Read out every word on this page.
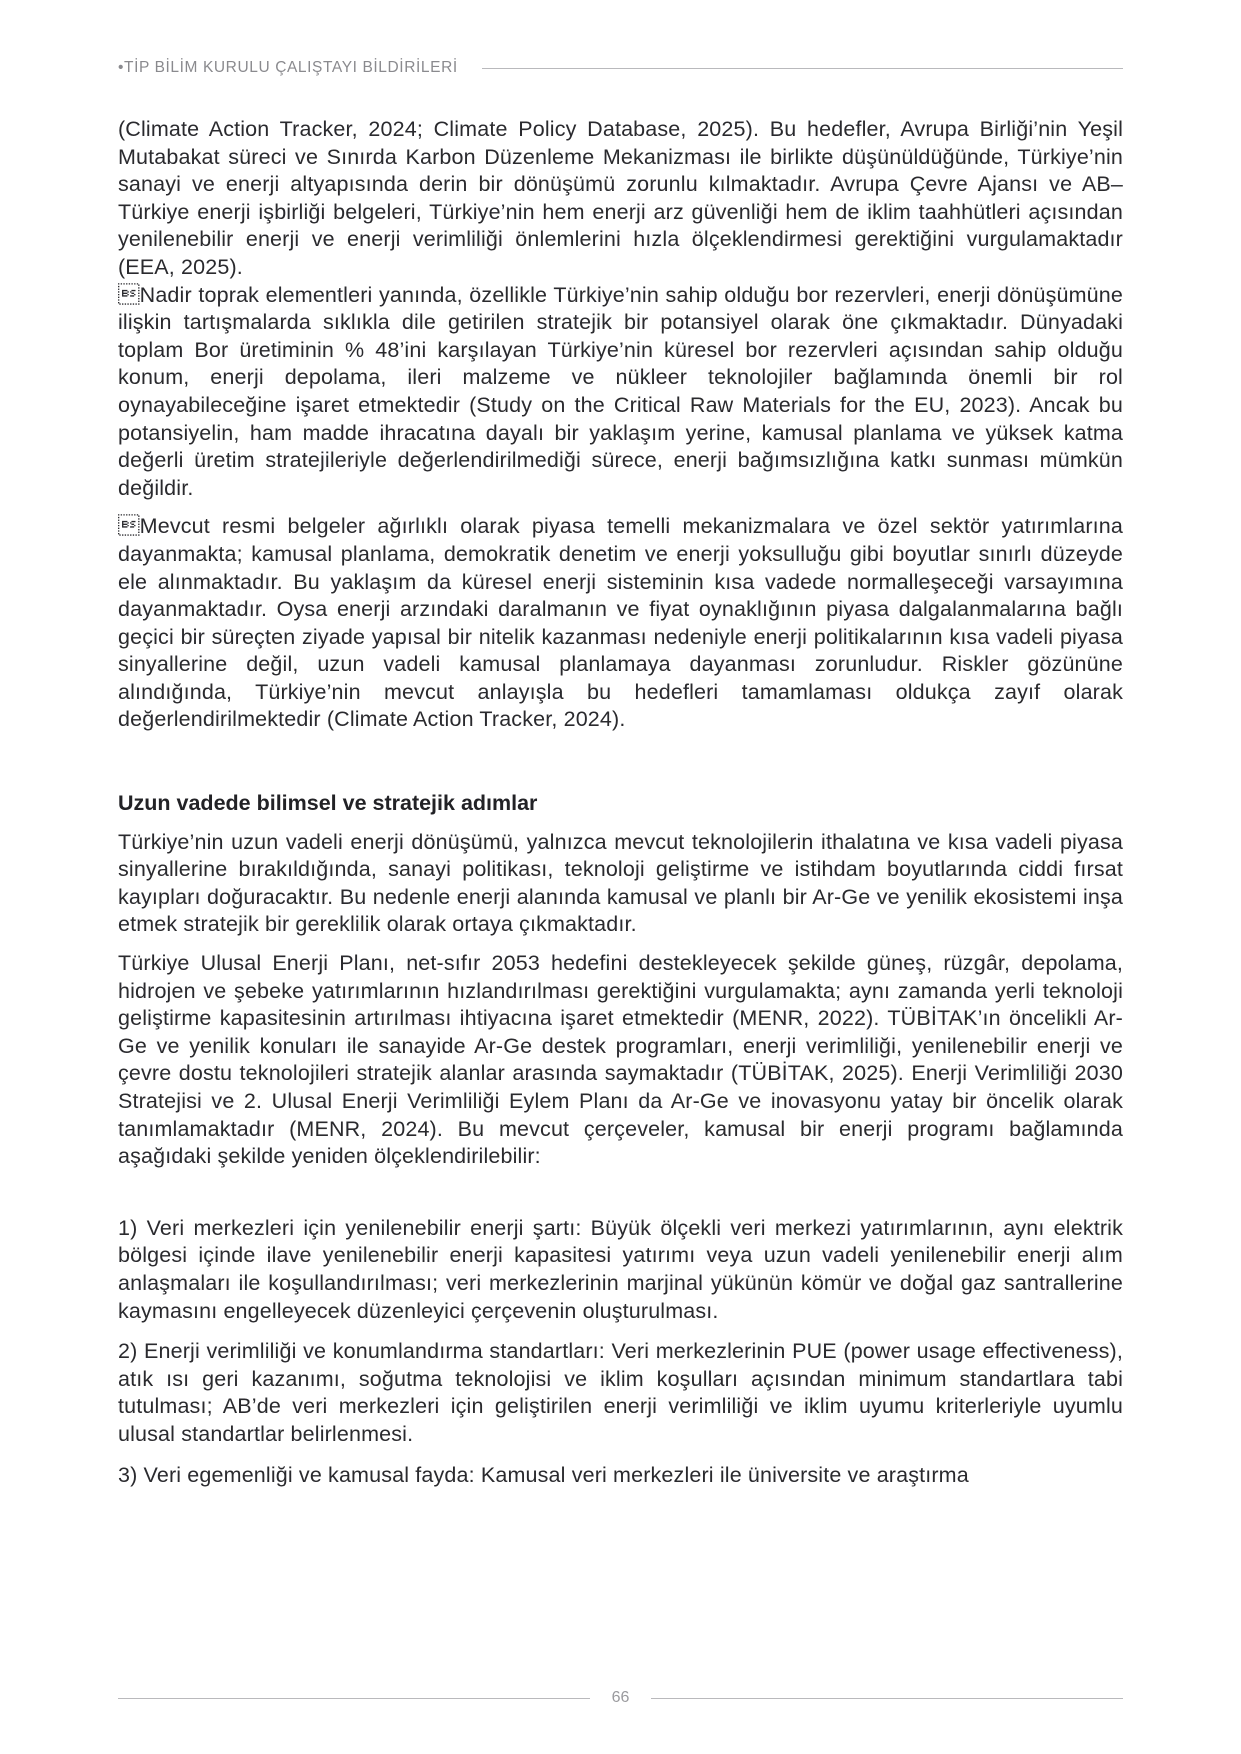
•TİP BİLİM KURULU ÇALIŞTAYI BİLDİRİLERİ

(Climate Action Tracker, 2024; Climate Policy Database, 2025). Bu hedefler, Avrupa Birliği’nin Yeşil Mutabakat süreci ve Sınırda Karbon Düzenleme Mekanizması ile birlikte düşünüldüğünde, Türkiye’nin sanayi ve enerji altyapısında derin bir dönüşümü zorunlu kılmaktadır. Avrupa Çevre Ajansı ve AB–Türkiye enerji işbirliği belgeleri, Türkiye’nin hem enerji arz güvenliği hem de iklim taahhütleri açısından yenilenebilir enerji ve enerji verimliliği önlemlerini hızla ölçeklendirmesi gerektiğini vurgulamaktadır (EEA, 2025).

Nadir toprak elementleri yanında, özellikle Türkiye’nin sahip olduğu bor rezervleri, enerji dönüşümüne ilişkin tartışmalarda sıklıkla dile getirilen stratejik bir potansiyel olarak öne çıkmaktadır. Dünyadaki toplam Bor üretiminin % 48’ini karşılayan Türkiye’nin küresel bor rezervleri açısından sahip olduğu konum, enerji depolama, ileri malzeme ve nükleer teknolojiler bağlamında önemli bir rol oynayabileceğine işaret etmektedir (Study on the Critical Raw Materials for the EU, 2023). Ancak bu potansiyelin, ham madde ihracatına dayalı bir yaklaşım yerine, kamusal planlama ve yüksek katma değerli üretim stratejileriyle değerlendirilmediği sürece, enerji bağımsızlığına katkı sunması mümkün değildir.

Mevcut resmi belgeler ağırlıklı olarak piyasa temelli mekanizmalara ve özel sektör yatırımlarına dayanmakta; kamusal planlama, demokratik denetim ve enerji yoksulluğu gibi boyutlar sınırlı düzeyde ele alınmaktadır. Bu yaklaşım da küresel enerji sisteminin kısa vadede normalleşeceği varsayımına dayanmaktadır. Oysa enerji arzındaki daralmanın ve fiyat oynaklığının piyasa dalgalanmalarına bağlı geçici bir süreçten ziyade yapısal bir nitelik kazanması nedeniyle enerji politikalarının kısa vadeli piyasa sinyallerine değil, uzun vadeli kamusal planlamaya dayanması zorunludur. Riskler gözününe alındığında, Türkiye’nin mevcut anlayışla bu hedefleri tamamlaması oldukça zayıf olarak değerlendirilmektedir (Climate Action Tracker, 2024).

Uzun vadede bilimsel ve stratejik adımlar

Türkiye’nin uzun vadeli enerji dönüşümü, yalnızca mevcut teknolojilerin ithalatına ve kısa vadeli piyasa sinyallerine bırakıldığında, sanayi politikası, teknoloji geliştirme ve istihdam boyutlarında ciddi fırsat kayıpları doğuracaktır. Bu nedenle enerji alanında kamusal ve planlı bir Ar-Ge ve yenilik ekosistemi inşa etmek stratejik bir gereklilik olarak ortaya çıkmaktadır.

Türkiye Ulusal Enerji Planı, net-sıfır 2053 hedefini destekleyecek şekilde güneş, rüzgâr, depolama, hidrojen ve şebeke yatırımlarının hızlandırılması gerektiğini vurgulamakta; aynı zamanda yerli teknoloji geliştirme kapasitesinin artırılması ihtiyacına işaret etmektedir (MENR, 2022). TÜBİTAK’ın öncelikli Ar-Ge ve yenilik konuları ile sanayide Ar-Ge destek programları, enerji verimliliği, yenilenebilir enerji ve çevre dostu teknolojileri stratejik alanlar arasında saymaktadır (TÜBİTAK, 2025). Enerji Verimliliği 2030 Stratejisi ve 2. Ulusal Enerji Verimliliği Eylem Planı da Ar-Ge ve inovasyonu yatay bir öncelik olarak tanımlamaktadır (MENR, 2024). Bu mevcut çerçeveler, kamusal bir enerji programı bağlamında aşağıdaki şekilde yeniden ölçeklendirilebilir:

1) Veri merkezleri için yenilenebilir enerji şartı: Büyük ölçekli veri merkezi yatırımlarının, aynı elektrik bölgesi içinde ilave yenilenebilir enerji kapasitesi yatırımı veya uzun vadeli yenilenebilir enerji alım anlaşmaları ile koşullandırılması; veri merkezlerinin marjinal yükünün kömür ve doğal gaz santrallerine kaymasını engelleyecek düzenleyici çerçevenin oluşturulması.

2) Enerji verimliliği ve konumlandırma standartları: Veri merkezlerinin PUE (power usage effectiveness), atık ısı geri kazanımı, soğutma teknolojisi ve iklim koşulları açısından minimum standartlara tabi tutulması; AB’de veri merkezleri için geliştirilen enerji verimliliği ve iklim uyumu kriterleriyle uyumlu ulusal standartlar belirlenmesi.

3) Veri egemenliği ve kamusal fayda: Kamusal veri merkezleri ile üniversite ve araştırma

66
